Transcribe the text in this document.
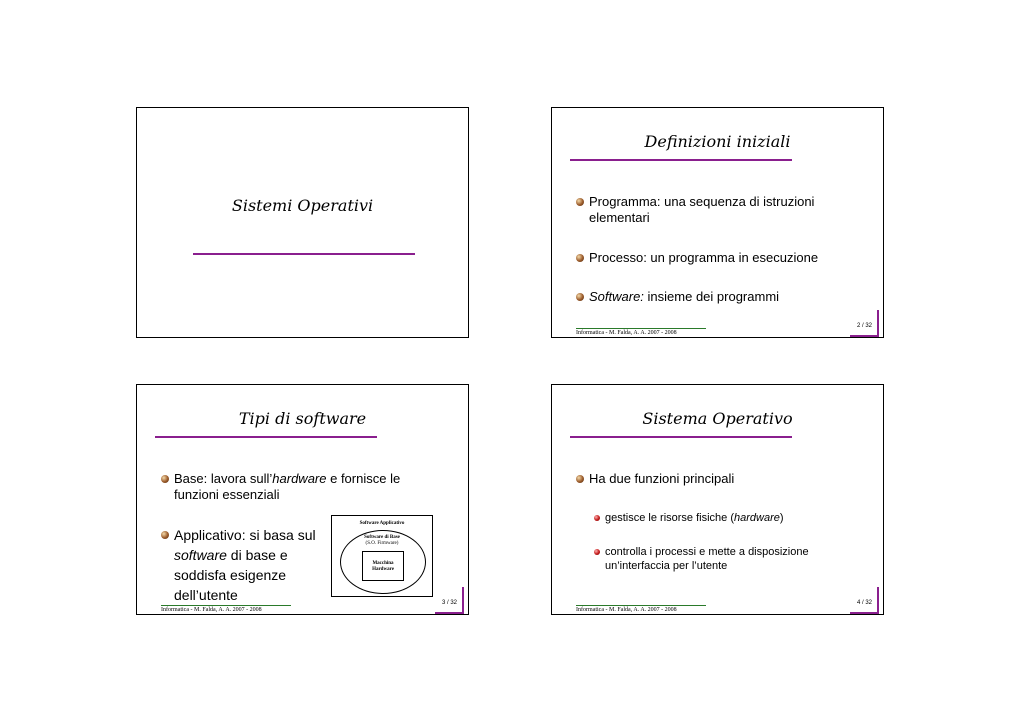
Sistemi Operativi
Definizioni iniziali
Programma: una sequenza di istruzioni elementari
Processo: un programma in esecuzione
Software: insieme dei programmi
Informatica - M. Falda, A. A. 2007 - 2008
2 / 32
Tipi di software
Base: lavora sull’hardware e fornisce le funzioni essenziali
Applicativo: si basa sul
software di base e
soddisfa esigenze
dell’utente
Software Applicativo
Software di Base
(S.O. Firmware)
Macchina
Hardware
Informatica - M. Falda, A. A. 2007 - 2008
3 / 32
Sistema Operativo
Ha due funzioni principali
gestisce le risorse fisiche (hardware)
controlla i processi e mette a disposizione un’interfaccia per l’utente
Informatica - M. Falda, A. A. 2007 - 2008
4 / 32
